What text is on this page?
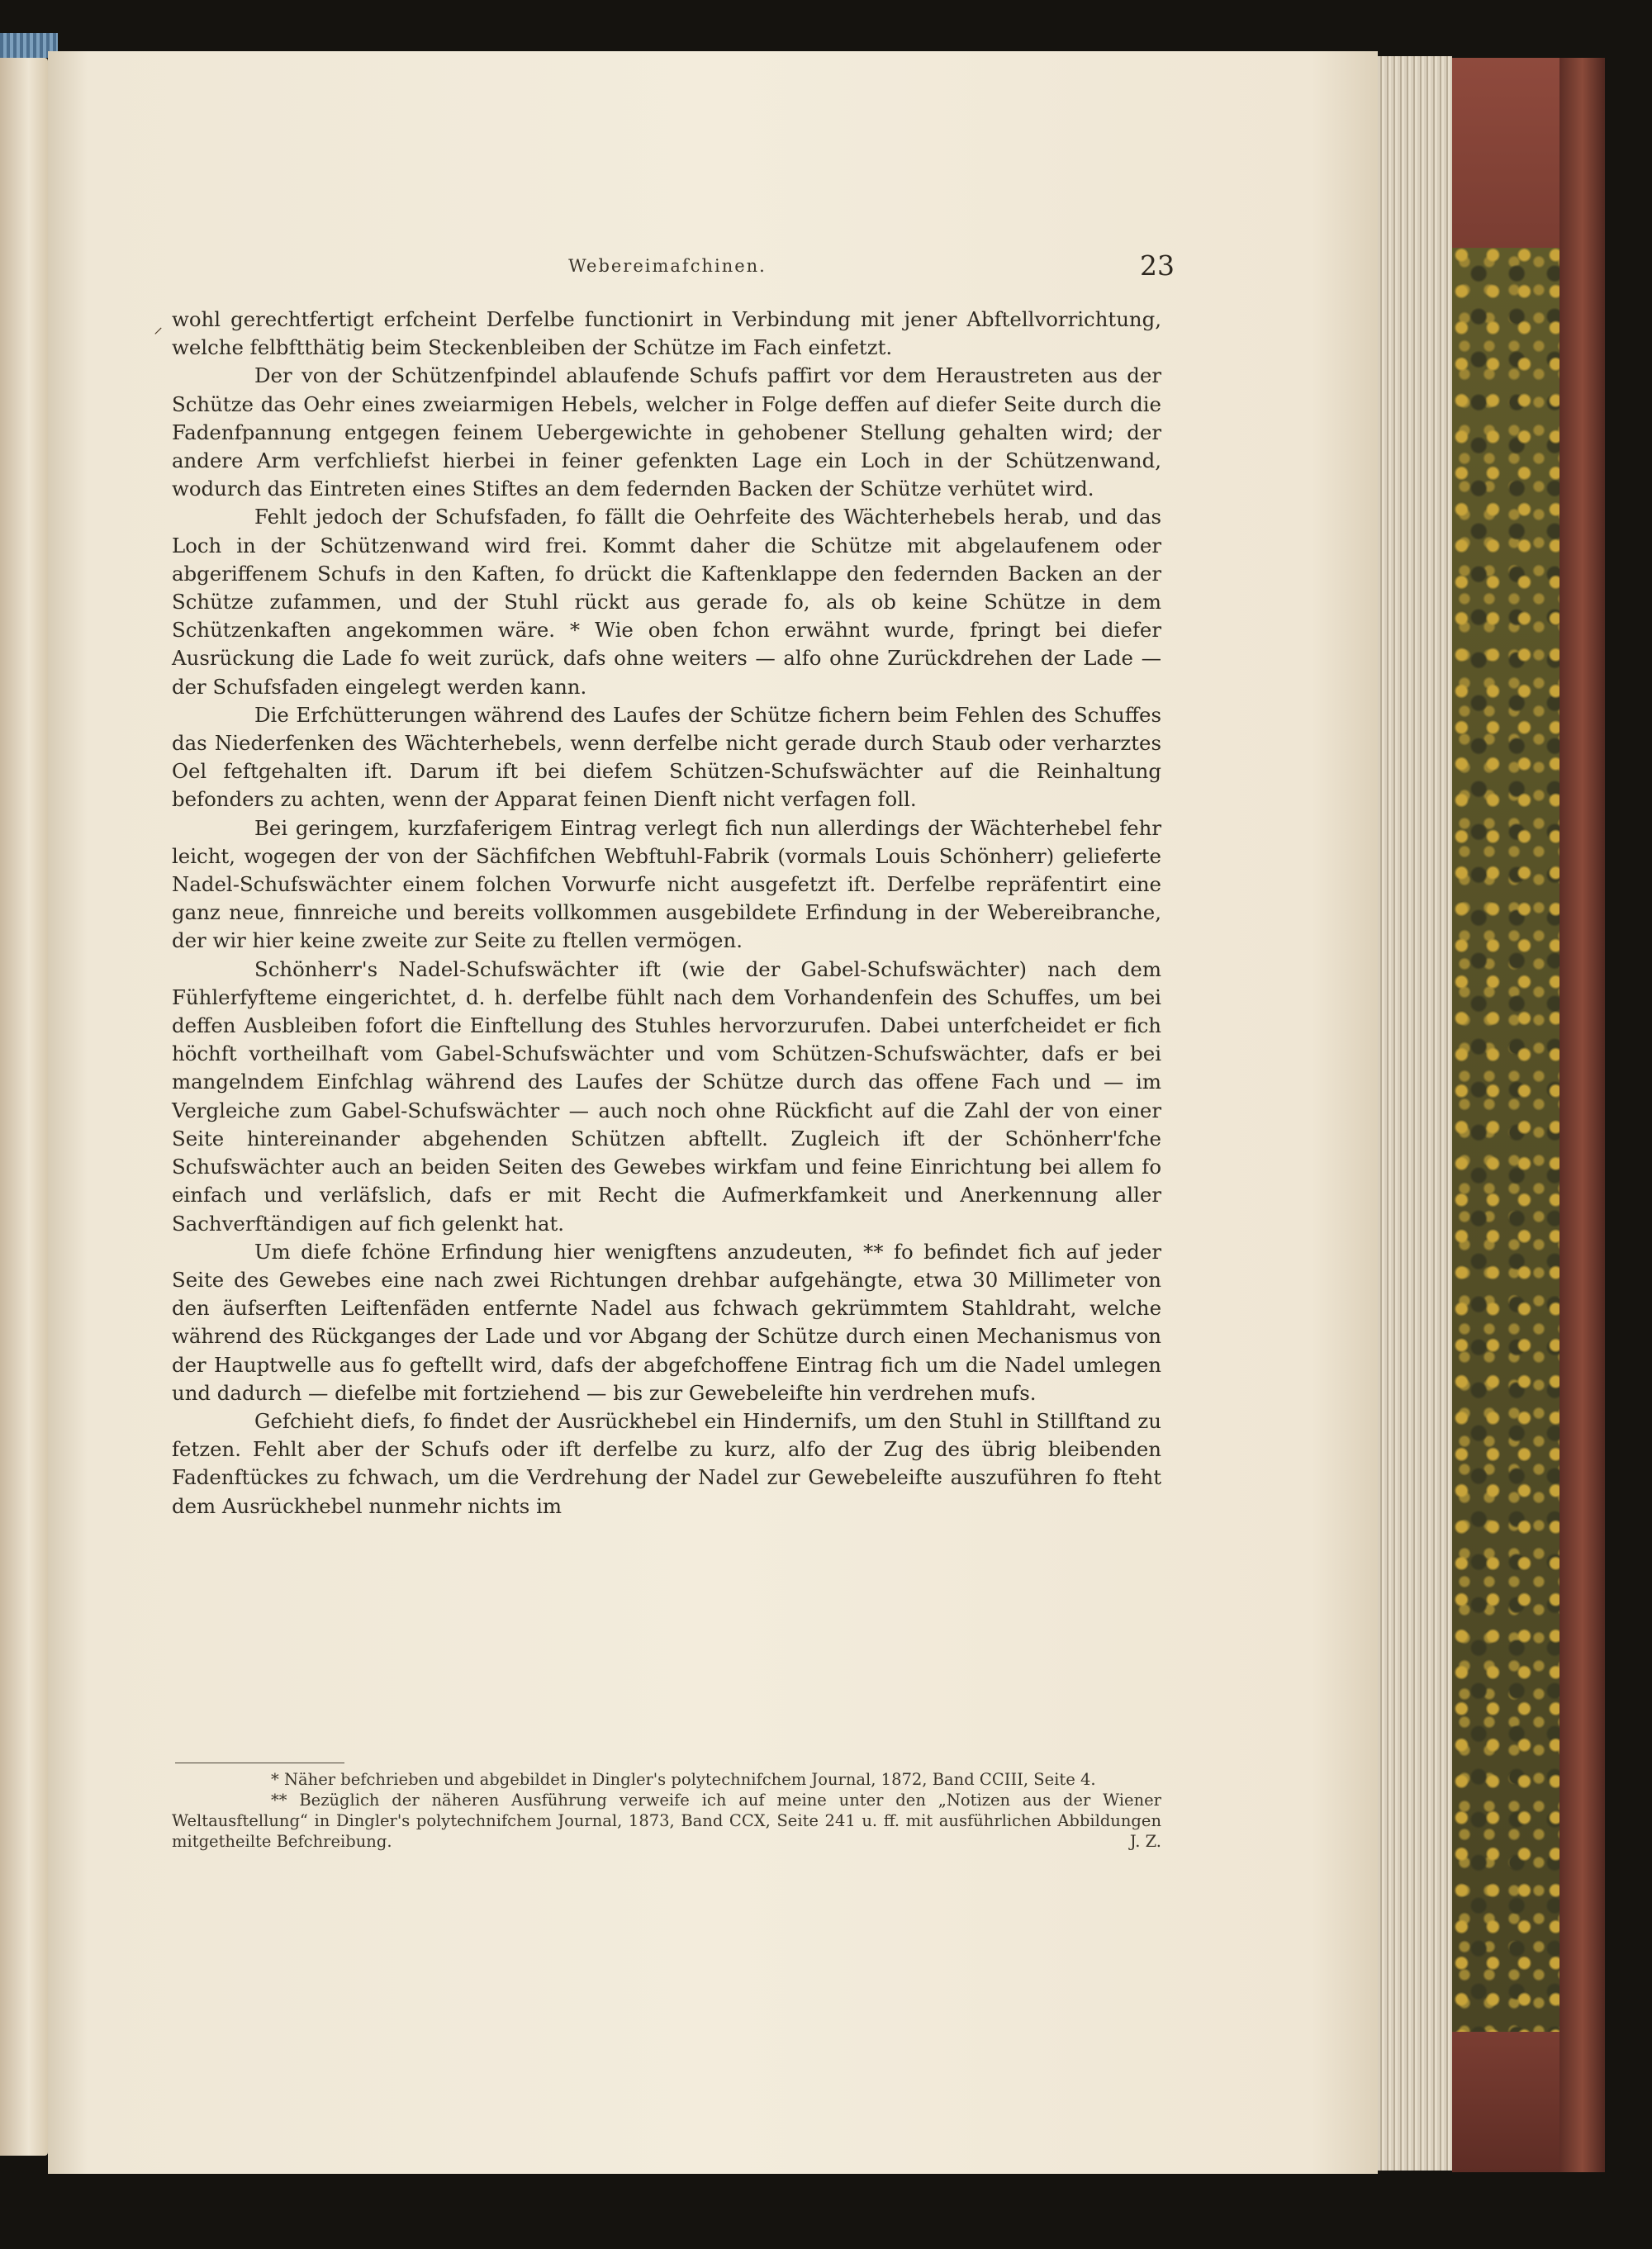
Webereimafchinen.	23
⸝ wohl gerechtfertigt erfcheint Derfelbe functionirt in Verbindung mit jener Abftellvorrichtung, welche felbftthätig beim Steckenbleiben der Schütze im Fach einfetzt.

Der von der Schützenfpindel ablaufende Schufs paffirt vor dem Heraustreten aus der Schütze das Oehr eines zweiarmigen Hebels, welcher in Folge deffen auf diefer Seite durch die Fadenfpannung entgegen feinem Uebergewichte in gehobener Stellung gehalten wird; der andere Arm verfchliefst hierbei in feiner gefenkten Lage ein Loch in der Schützenwand, wodurch das Eintreten eines Stiftes an dem federnden Backen der Schütze verhütet wird.

Fehlt jedoch der Schufsfaden, fo fällt die Oehrfeite des Wächterhebels herab, und das Loch in der Schützenwand wird frei. Kommt daher die Schütze mit abgelaufenem oder abgeriffenem Schufs in den Kaften, fo drückt die Kaftenklappe den federnden Backen an der Schütze zufammen, und der Stuhl rückt aus gerade fo, als ob keine Schütze in dem Schützenkaften angekommen wäre. * Wie oben fchon erwähnt wurde, fpringt bei diefer Ausrückung die Lade fo weit zurück, dafs ohne weiters — alfo ohne Zurückdrehen der Lade — der Schufsfaden eingelegt werden kann.

Die Erfchütterungen während des Laufes der Schütze fichern beim Fehlen des Schuffes das Niederfenken des Wächterhebels, wenn derfelbe nicht gerade durch Staub oder verharztes Oel feftgehalten ift. Darum ift bei diefem Schützen-Schufswächter auf die Reinhaltung befonders zu achten, wenn der Apparat feinen Dienft nicht verfagen foll.

Bei geringem, kurzfaferigem Eintrag verlegt fich nun allerdings der Wächterhebel fehr leicht, wogegen der von der Sächfifchen Webftuhl-Fabrik (vormals Louis Schönherr) gelieferte Nadel-Schufswächter einem folchen Vorwurfe nicht ausgefetzt ift. Derfelbe repräfentirt eine ganz neue, finnreiche und bereits vollkommen ausgebildete Erfindung in der Webereibranche, der wir hier keine zweite zur Seite zu ftellen vermögen.

Schönherr's Nadel-Schufswächter ift (wie der Gabel-Schufswächter) nach dem Fühlerfyfteme eingerichtet, d. h. derfelbe fühlt nach dem Vorhandenfein des Schuffes, um bei deffen Ausbleiben fofort die Einftellung des Stuhles hervorzurufen. Dabei unterfcheidet er fich höchft vortheilhaft vom Gabel-Schufswächter und vom Schützen-Schufswächter, dafs er bei mangelndem Einfchlag während des Laufes der Schütze durch das offene Fach und — im Vergleiche zum Gabel-Schufswächter — auch noch ohne Rückficht auf die Zahl der von einer Seite hintereinander abgehenden Schützen abftellt. Zugleich ift der Schönherr'fche Schufswächter auch an beiden Seiten des Gewebes wirkfam und feine Einrichtung bei allem fo einfach und verläfslich, dafs er mit Recht die Aufmerkfamkeit und Anerkennung aller Sachverftändigen auf fich gelenkt hat.

Um diefe fchöne Erfindung hier wenigftens anzudeuten, ** fo befindet fich auf jeder Seite des Gewebes eine nach zwei Richtungen drehbar aufgehängte, etwa 30 Millimeter von den äufserften Leiftenfäden entfernte Nadel aus fchwach gekrümmtem Stahldraht, welche während des Rückganges der Lade und vor Abgang der Schütze durch einen Mechanismus von der Hauptwelle aus fo geftellt wird, dafs der abgefchoffene Eintrag fich um die Nadel umlegen und dadurch — diefelbe mit fortziehend — bis zur Gewebeleifte hin verdrehen mufs.

Gefchieht diefs, fo findet der Ausrückhebel ein Hindernifs, um den Stuhl in Stillftand zu fetzen. Fehlt aber der Schufs oder ift derfelbe zu kurz, alfo der Zug des übrig bleibenden Fadenftückes zu fchwach, um die Verdrehung der Nadel zur Gewebeleifte auszuführen fo fteht dem Ausrückhebel nunmehr nichts im

* Näher befchrieben und abgebildet in Dingler's polytechnifchem Journal, 1872, Band CCIII, Seite 4.

** Bezüglich der näheren Ausführung verweife ich auf meine unter den „Notizen aus der Wiener Weltausftellung“ in Dingler's polytechnifchem Journal, 1873, Band CCX, Seite 241 u. ff. mit ausführlichen Abbildungen mitgetheilte Befchreibung.	J. Z.
